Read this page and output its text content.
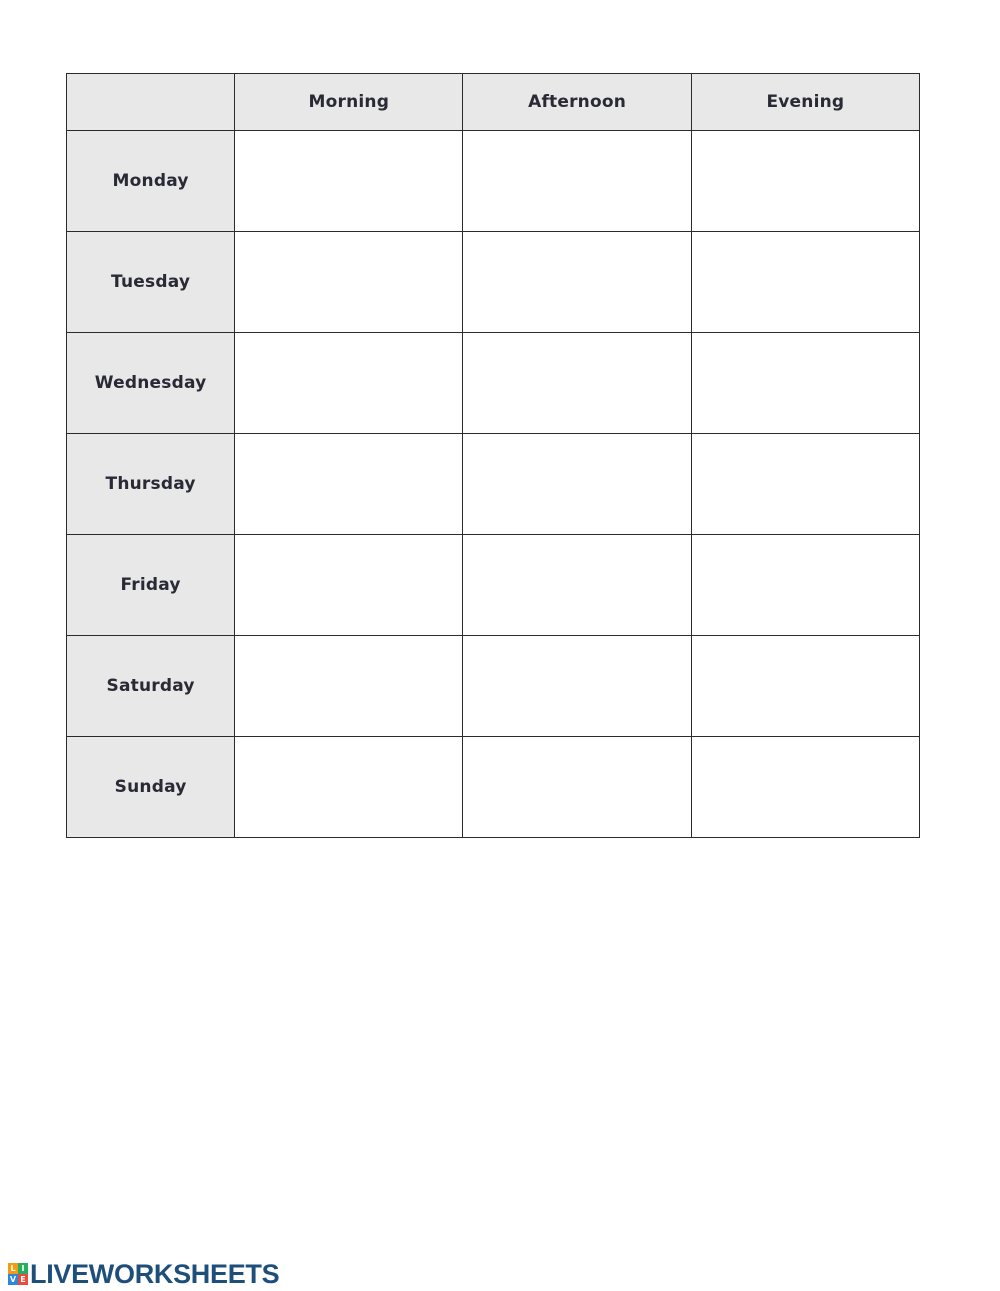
	Morning	Afternoon	Evening
Monday			
Tuesday			
Wednesday			
Thursday			
Friday			
Saturday			
Sunday			
L I
V E LIVEWORKSHEETS
